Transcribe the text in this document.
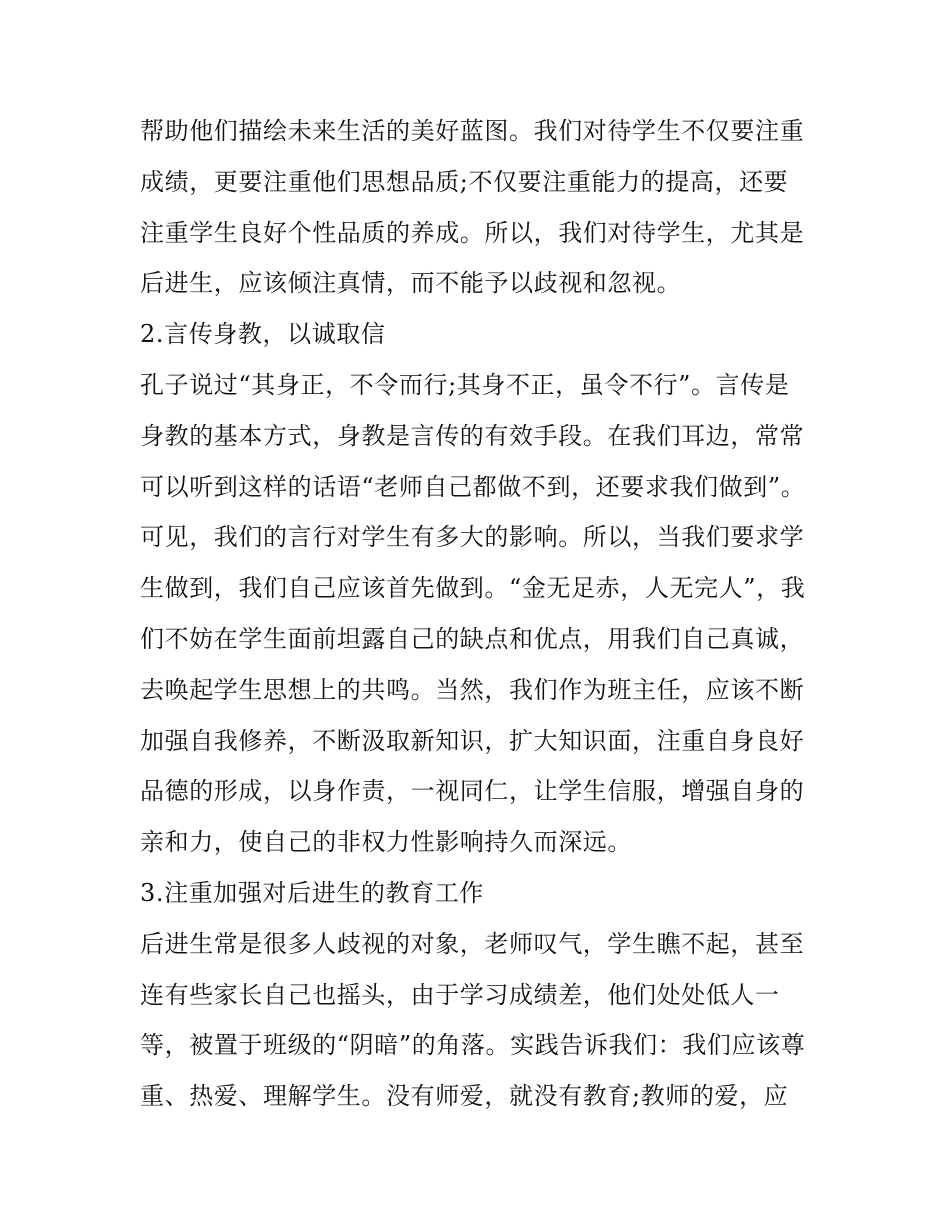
帮助他们描绘未来生活的美好蓝图。我们对待学生不仅要注重
成绩，更要注重他们思想品质;不仅要注重能力的提高，还要
注重学生良好个性品质的养成。所以，我们对待学生，尤其是
后进生，应该倾注真情，而不能予以歧视和忽视。
2.言传身教，以诚取信
孔子说过“其身正，不令而行;其身不正，虽令不行”。言传是
身教的基本方式，身教是言传的有效手段。在我们耳边，常常
可以听到这样的话语“老师自己都做不到，还要求我们做到”。
可见，我们的言行对学生有多大的影响。所以，当我们要求学
生做到，我们自己应该首先做到。“金无足赤，人无完人”，我
们不妨在学生面前坦露自己的缺点和优点，用我们自己真诚，
去唤起学生思想上的共鸣。当然，我们作为班主任，应该不断
加强自我修养，不断汲取新知识，扩大知识面，注重自身良好
品德的形成，以身作责，一视同仁，让学生信服，增强自身的
亲和力，使自己的非权力性影响持久而深远。
3.注重加强对后进生的教育工作
后进生常是很多人歧视的对象，老师叹气，学生瞧不起，甚至
连有些家长自己也摇头，由于学习成绩差，他们处处低人一
等，被置于班级的“阴暗”的角落。实践告诉我们：我们应该尊
重、热爱、理解学生。没有师爱，就没有教育;教师的爱，应
